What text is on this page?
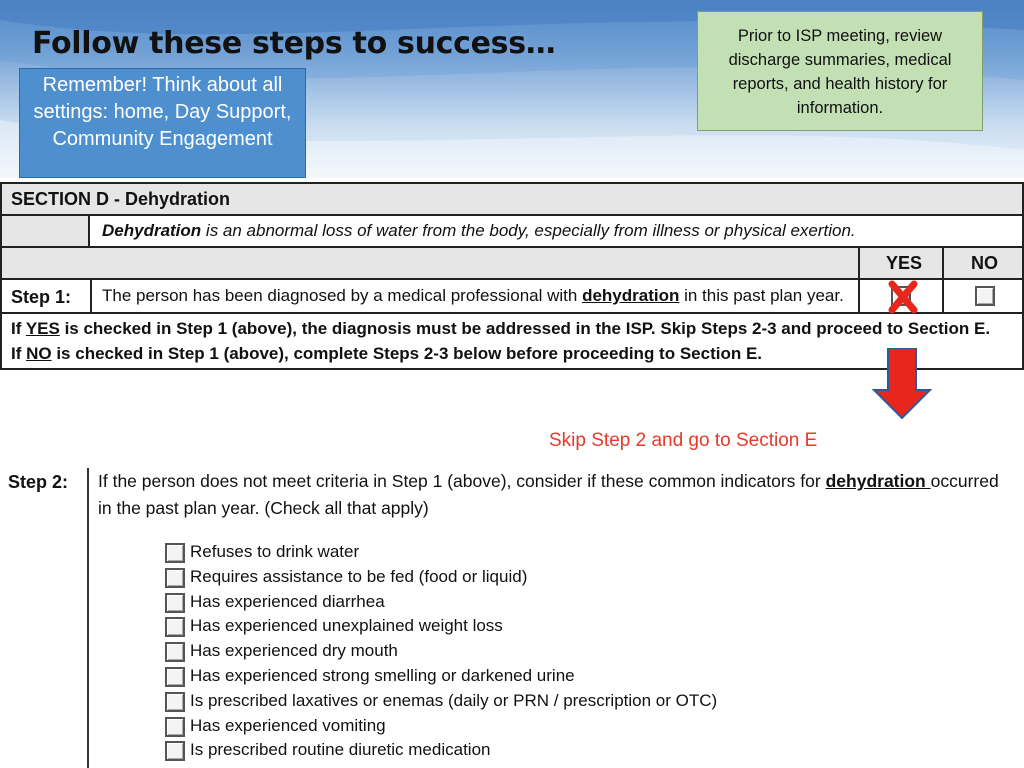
Follow these steps to success…
Remember! Think about all settings: home, Day Support, Community Engagement
Prior to ISP meeting, review discharge summaries, medical reports, and health history for information.
SECTION D - Dehydration
Dehydration is an abnormal loss of water from the body, especially from illness or physical exertion.
YES	NO
Step 1: The person has been diagnosed by a medical professional with dehydration in this past plan year.
If YES is checked in Step 1 (above), the diagnosis must be addressed in the ISP. Skip Steps 2-3 and proceed to Section E.
If NO is checked in Step 1 (above), complete Steps 2-3 below before proceeding to Section E.
Skip Step 2 and go to Section E
Step 2: If the person does not meet criteria in Step 1 (above), consider if these common indicators for dehydration occurred in the past plan year. (Check all that apply)
Refuses to drink water
Requires assistance to be fed (food or liquid)
Has experienced diarrhea
Has experienced unexplained weight loss
Has experienced dry mouth
Has experienced strong smelling or darkened urine
Is prescribed laxatives or enemas (daily or PRN / prescription or OTC)
Has experienced vomiting
Is prescribed routine diuretic medication
